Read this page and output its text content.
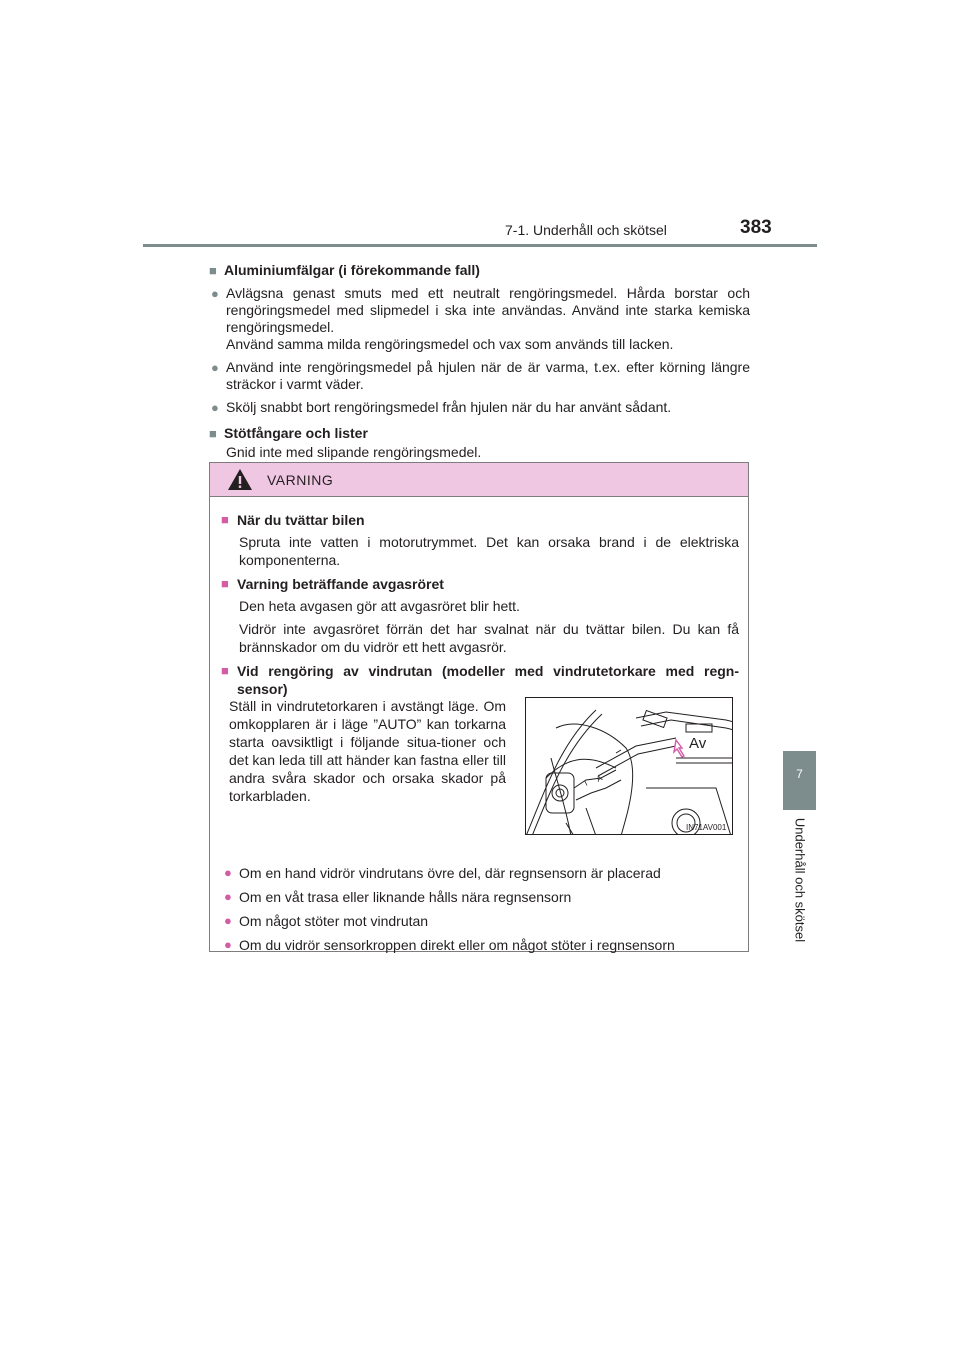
7-1. Underhåll och skötsel	383
7
Underhåll och skötsel
■ Aluminiumfälgar (i förekommande fall)
● Avlägsna genast smuts med ett neutralt rengöringsmedel. Hårda borstar och rengöringsmedel med slipmedel i ska inte användas. Använd inte starka kemiska rengöringsmedel.
Använd samma milda rengöringsmedel och vax som används till lacken.
● Använd inte rengöringsmedel på hjulen när de är varma, t.ex. efter körning längre sträckor i varmt väder.
● Skölj snabbt bort rengöringsmedel från hjulen när du har använt sådant.
■ Stötfångare och lister
Gnid inte med slipande rengöringsmedel.
VARNING
■ När du tvättar bilen
Spruta inte vatten i motorutrymmet. Det kan orsaka brand i de elektriska komponenterna.
■ Varning beträffande avgasröret
Den heta avgasen gör att avgasröret blir hett.
Vidrör inte avgasröret förrän det har svalnat när du tvättar bilen. Du kan få brännskador om du vidrör ett hett avgasrör.
■ Vid rengöring av vindrutan (modeller med vindrutetorkare med regn-sensor)
● Om en hand vidrör vindrutans övre del, där regnsensorn är placerad
● Om en våt trasa eller liknande hålls nära regnsensorn
● Om något stöter mot vindrutan
● Om du vidrör sensorkroppen direkt eller om något stöter i regnsensorn
Ställ in vindrutetorkaren i avstängt läge. Om omkopplaren är i läge ”AUTO” kan torkarna starta oavsiktligt i följande situa-tioner och det kan leda till att händer kan fastna eller till andra svåra skador och orsaka skador på torkarbladen.
I A
Av
IN71AV001
